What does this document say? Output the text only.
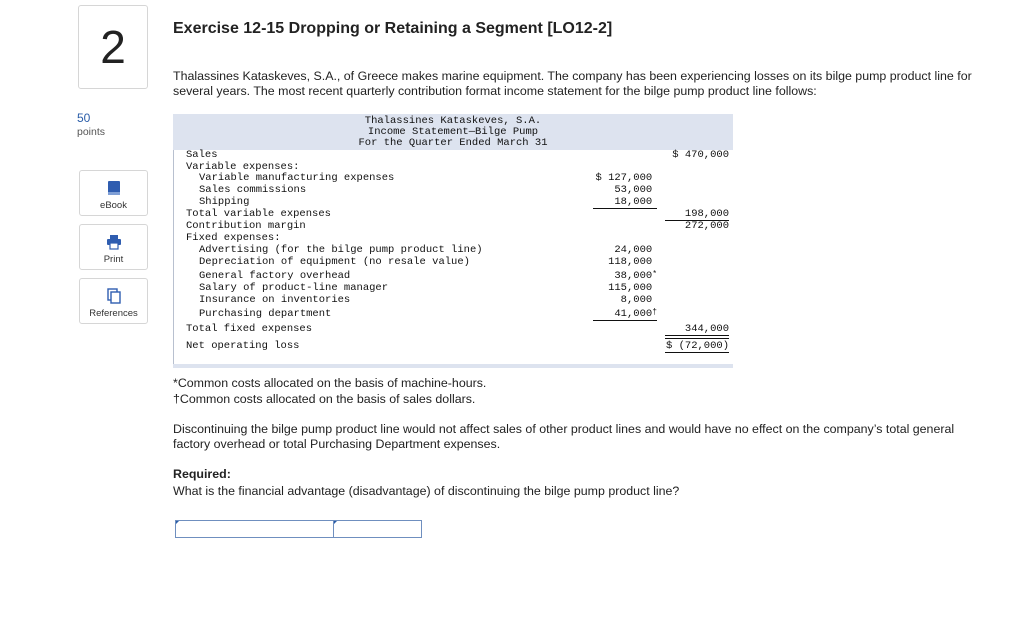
2
50
points
eBook
Print
References
Exercise 12-15 Dropping or Retaining a Segment [LO12-2]
Thalassines Kataskeves, S.A., of Greece makes marine equipment. The company has been experiencing losses on its bilge pump product line for several years. The most recent quarterly contribution format income statement for the bilge pump product line follows:
Thalassines Kataskeves, S.A.
Income Statement—Bilge Pump
For the Quarter Ended March 31
Sales	$ 470,000
Variable expenses:
Variable manufacturing expenses	$ 127,000
Sales commissions	53,000
Shipping	18,000
Total variable expenses	198,000
Contribution margin	272,000
Fixed expenses:
Advertising (for the bilge pump product line)	24,000
Depreciation of equipment (no resale value)	118,000
General factory overhead	38,000*
Salary of product-line manager	115,000
Insurance on inventories	8,000
Purchasing department	41,000†
Total fixed expenses	344,000
Net operating loss	$ (72,000)
*Common costs allocated on the basis of machine-hours.
†Common costs allocated on the basis of sales dollars.
Discontinuing the bilge pump product line would not affect sales of other product lines and would have no effect on the company’s total general factory overhead or total Purchasing Department expenses.
Required:
What is the financial advantage (disadvantage) of discontinuing the bilge pump product line?
